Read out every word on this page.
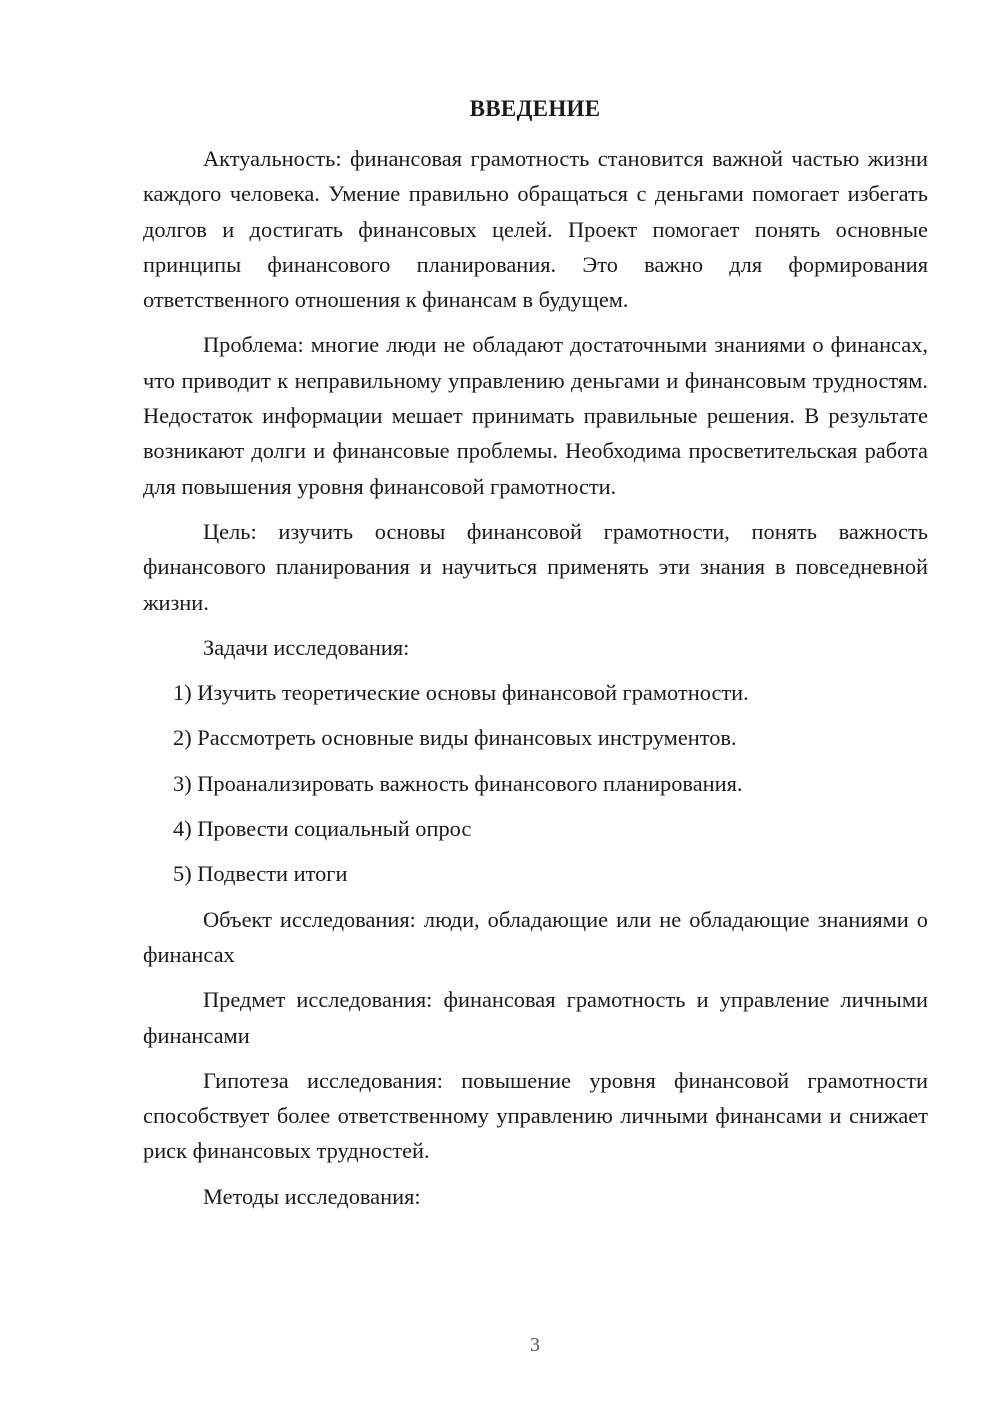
ВВЕДЕНИЕ

Актуальность: финансовая грамотность становится важной частью жизни каждого человека. Умение правильно обращаться с деньгами помогает избегать долгов и достигать финансовых целей. Проект помогает понять основные принципы финансового планирования. Это важно для формирования ответственного отношения к финансам в будущем.

Проблема: многие люди не обладают достаточными знаниями о финансах, что приводит к неправильному управлению деньгами и финансовым трудностям. Недостаток информации мешает принимать правильные решения. В результате возникают долги и финансовые проблемы. Необходима просветительская работа для повышения уровня финансовой грамотности.

Цель: изучить основы финансовой грамотности, понять важность финансового планирования и научиться применять эти знания в повседневной жизни.

Задачи исследования:

1) Изучить теоретические основы финансовой грамотности.
2) Рассмотреть основные виды финансовых инструментов.
3) Проанализировать важность финансового планирования.
4) Провести социальный опрос
5) Подвести итоги

Объект исследования: люди, обладающие или не обладающие знаниями о финансах

Предмет исследования: финансовая грамотность и управление личными финансами

Гипотеза исследования: повышение уровня финансовой грамотности способствует более ответственному управлению личными финансами и снижает риск финансовых трудностей.

Методы исследования:

3
